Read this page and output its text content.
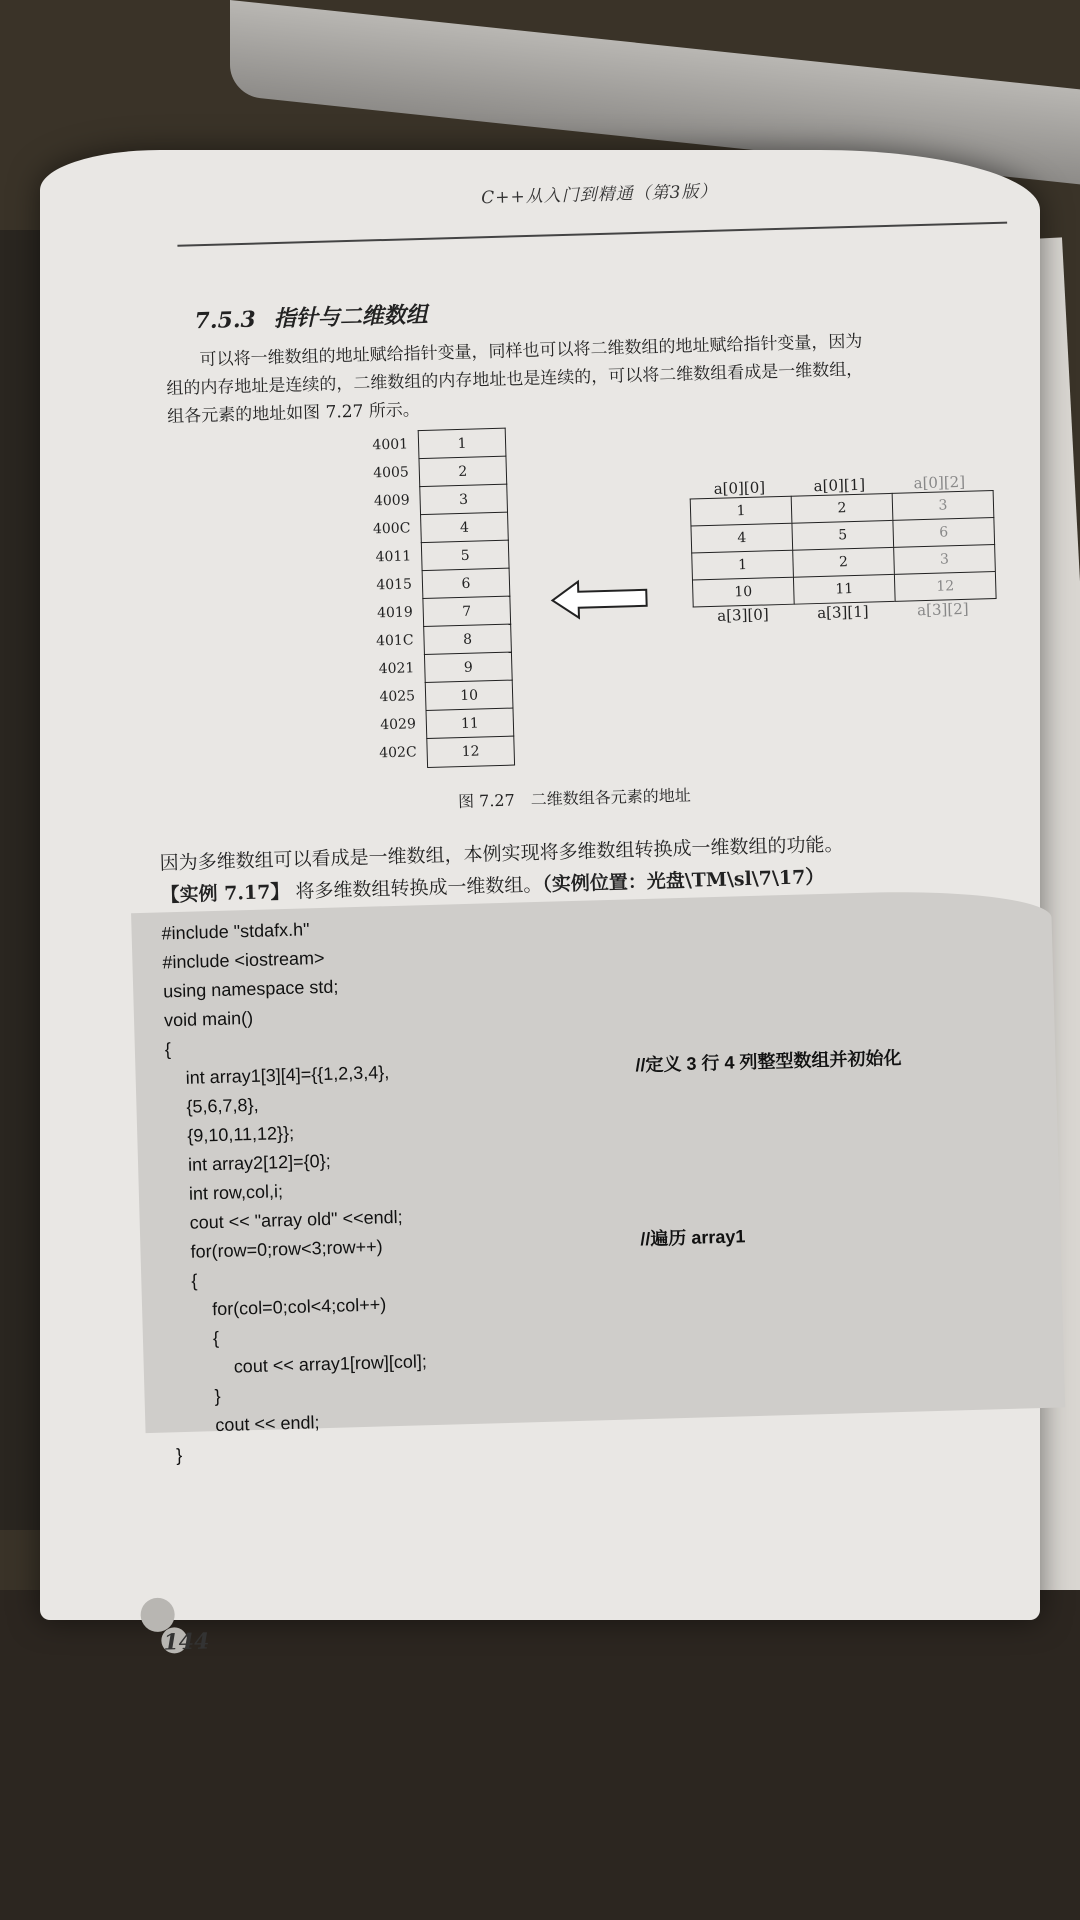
C++从入门到精通（第3版）
7.5.3 指针与二维数组

可以将一维数组的地址赋给指针变量，同样也可以将二维数组的地址赋给指针变量，因为

组的内存地址是连续的，二维数组的内存地址也是连续的，可以将二维数组看成是一维数组，

组各元素的地址如图 7.27 所示。

4001	1
4005	2
4009	3
400C	4
4011	5
4015	6
4019	7
401C	8
4021	9
4025	10
4029	11
402C	12
a[0][0]	a[0][1]	a[0][2]
1	2	3
4	5	6
1	2	3
10	11	12
a[3][0]	a[3][1]	a[3][2]
图 7.27 二维数组各元素的地址

因为多维数组可以看成是一维数组，本例实现将多维数组转换成一维数组的功能。

【实例 7.17】 将多维数组转换成一维数组。（实例位置：光盘\TM\sl\7\17）

#include "stdafx.h"
#include <iostream>
using namespace std;
void main()
{
int array1[3][4]={{1,2,3,4},
//定义 3 行 4 列整型数组并初始化
{5,6,7,8},
{9,10,11,12}};
int array2[12]={0};
int row,col,i;
cout << "array old" <<endl;
for(row=0;row<3;row++)	//遍历 array1
{
for(col=0;col<4;col++)
{
cout << array1[row][col];
}
cout << endl;
}
144
